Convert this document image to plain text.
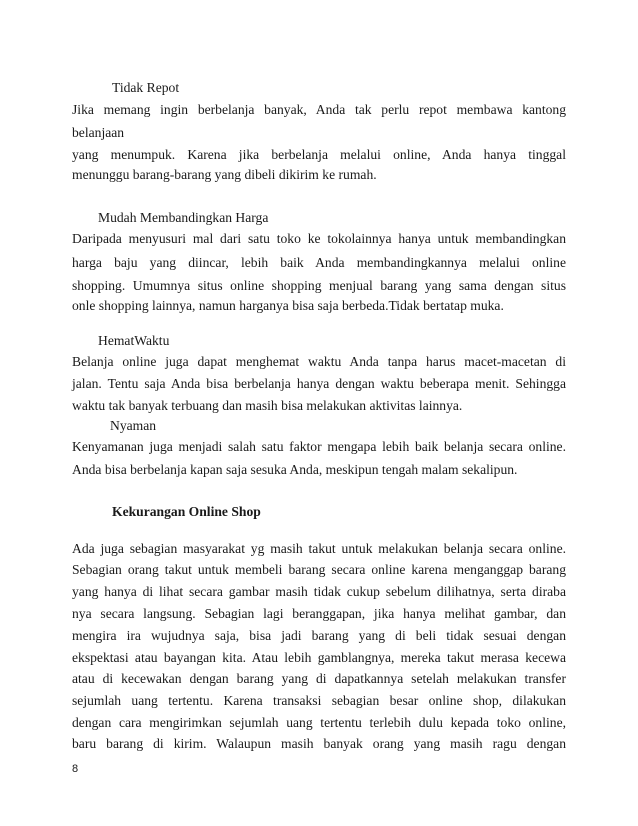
Tidak Repot

Jika memang ingin berbelanja banyak, Anda tak perlu repot membawa kantong

belanjaan

yang menumpuk. Karena jika berbelanja melalui online, Anda hanya tinggal

menunggu barang-barang yang dibeli dikirim ke rumah.

Mudah Membandingkan Harga

Daripada menyusuri mal dari satu toko ke tokolainnya hanya untuk membandingkan

harga baju yang diincar, lebih baik Anda membandingkannya melalui online

shopping. Umumnya situs online shopping menjual barang yang sama dengan situs

onle shopping lainnya, namun harganya bisa saja berbeda.Tidak bertatap muka.

HematWaktu

Belanja online juga dapat menghemat waktu Anda tanpa harus macet-macetan di

jalan. Tentu saja Anda bisa berbelanja hanya dengan waktu beberapa menit. Sehingga

waktu tak banyak terbuang dan masih bisa melakukan aktivitas lainnya.

Nyaman

Kenyamanan juga menjadi salah satu faktor mengapa lebih baik belanja secara online.

Anda bisa berbelanja kapan saja sesuka Anda, meskipun tengah malam sekalipun.

Kekurangan Online Shop

Ada juga sebagian masyarakat yg masih takut untuk melakukan belanja secara online.

Sebagian orang takut untuk membeli barang secara online karena menganggap barang

yang hanya di lihat secara gambar masih tidak cukup sebelum dilihatnya, serta diraba

nya secara langsung. Sebagian lagi beranggapan, jika hanya melihat gambar, dan

mengira ira wujudnya saja, bisa jadi barang yang di beli tidak sesuai dengan

ekspektasi atau bayangan kita. Atau lebih gamblangnya, mereka takut merasa kecewa

atau di kecewakan dengan barang yang di dapatkannya setelah melakukan transfer

sejumlah uang tertentu. Karena transaksi sebagian besar online shop, dilakukan

dengan cara mengirimkan sejumlah uang tertentu terlebih dulu kepada toko online,

baru barang di kirim. Walaupun masih banyak orang yang masih ragu dengan

8
